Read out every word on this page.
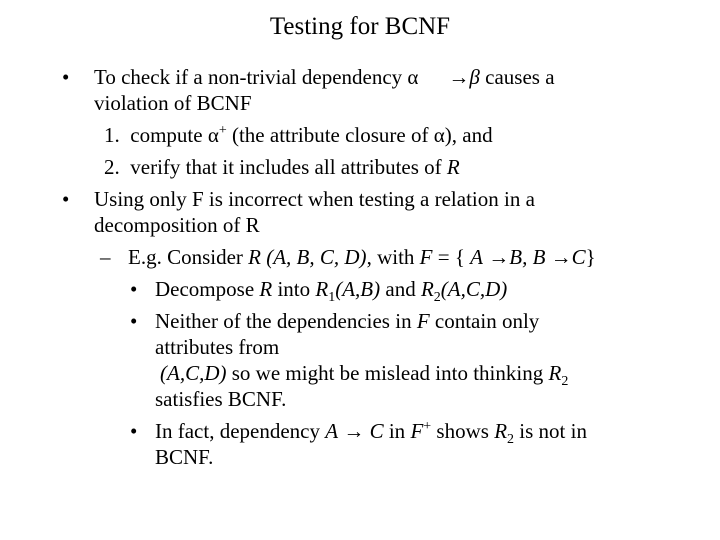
Testing for BCNF
• To check if a non-trivial dependency α →β causes a
violation of BCNF
1. compute α+ (the attribute closure of α), and
2. verify that it includes all attributes of R
• Using only F is incorrect when testing a relation in a
decomposition of R
– E.g. Consider R (A, B, C, D), with F = { A →B, B →C}
• Decompose R into $R_1(A,B)$ and $R_2(A,C,D)$
• Neither of the dependencies in F contain only
attributes from
(A,C,D) so we might be mislead into thinking $R_2$
satisfies BCNF.
• In fact, dependency A → C in F+ shows $R_2$ is not in
BCNF.
